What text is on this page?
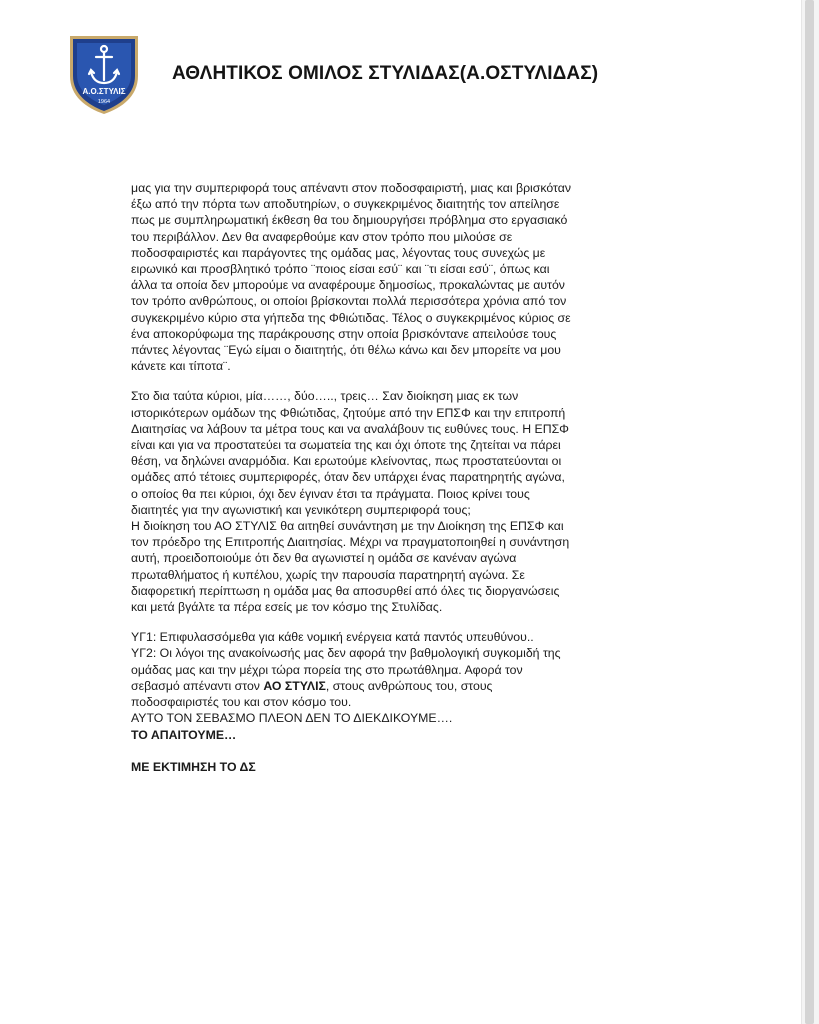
Α.Ο.ΣΤΥΛΙΣ
1964
ΑΘΛΗΤΙΚΟΣ ΟΜΙΛΟΣ ΣΤΥΛΙΔΑΣ(Α.ΟΣΤΥΛΙΔΑΣ)
μας για την συμπεριφορά τους απέναντι στον ποδοσφαιριστή, μιας και βρισκόταν
έξω από την πόρτα των αποδυτηρίων, ο συγκεκριμένος διαιτητής τον απείλησε
πως με συμπληρωματική έκθεση θα του δημιουργήσει πρόβλημα στο εργασιακό
του περιβάλλον. Δεν θα αναφερθούμε καν στον τρόπο που μιλούσε σε
ποδοσφαιριστές και παράγοντες της ομάδας μας, λέγοντας τους συνεχώς με
ειρωνικό και προσβλητικό τρόπο ¨ποιος είσαι εσύ¨ και ¨τι είσαι εσύ¨, όπως και
άλλα τα οποία δεν μπορούμε να αναφέρουμε δημοσίως, προκαλώντας με αυτόν
τον τρόπο ανθρώπους, οι οποίοι βρίσκονται πολλά περισσότερα χρόνια από τον
συγκεκριμένο κύριο στα γήπεδα της Φθιώτιδας. Τέλος ο συγκεκριμένος κύριος σε
ένα αποκορύφωμα της παράκρουσης στην οποία βρισκόντανε απειλούσε τους
πάντες λέγοντας ¨Εγώ είμαι ο διαιτητής, ότι θέλω κάνω και δεν μπορείτε να μου
κάνετε και τίποτα¨.
Στο δια ταύτα κύριοι, μία……, δύο….., τρεις… Σαν διοίκηση μιας εκ των
ιστορικότερων ομάδων της Φθιώτιδας, ζητούμε από την ΕΠΣΦ και την επιτροπή
Διαιτησίας να λάβουν τα μέτρα τους και να αναλάβουν τις ευθύνες τους. Η ΕΠΣΦ
είναι και για να προστατεύει τα σωματεία της και όχι όποτε της ζητείται να πάρει
θέση, να δηλώνει αναρμόδια. Και ερωτούμε κλείνοντας, πως προστατεύονται οι
ομάδες από τέτοιες συμπεριφορές, όταν δεν υπάρχει ένας παρατηρητής αγώνα,
ο οποίος θα πει κύριοι, όχι δεν έγιναν έτσι τα πράγματα. Ποιος κρίνει τους
διαιτητές για την αγωνιστική και γενικότερη συμπεριφορά τους;
Η διοίκηση του ΑΟ ΣΤΥΛΙΣ θα αιτηθεί συνάντηση με την Διοίκηση της ΕΠΣΦ και
τον πρόεδρο της Επιτροπής Διαιτησίας. Μέχρι να πραγματοποιηθεί η συνάντηση
αυτή, προειδοποιούμε ότι δεν θα αγωνιστεί η ομάδα σε κανέναν αγώνα
πρωταθλήματος ή κυπέλου, χωρίς την παρουσία παρατηρητή αγώνα. Σε
διαφορετική περίπτωση η ομάδα μας θα αποσυρθεί από όλες τις διοργανώσεις
και μετά βγάλτε τα πέρα εσείς με τον κόσμο της Στυλίδας.
ΥΓ1: Επιφυλασσόμεθα για κάθε νομική ενέργεια κατά παντός υπευθύνου..
ΥΓ2: Οι λόγοι της ανακοίνωσής μας δεν αφορά την βαθμολογική συγκομιδή της
ομάδας μας και την μέχρι τώρα πορεία της στο πρωτάθλημα. Αφορά τον
σεβασμό απέναντι στον ΑΟ ΣΤΥΛΙΣ, στους ανθρώπους του, στους
ποδοσφαιριστές του και στον κόσμο του.
ΑΥΤΟ ΤΟΝ ΣΕΒΑΣΜΟ ΠΛΕΟΝ ΔΕΝ ΤΟ ΔΙΕΚΔΙΚΟΥΜΕ….
ΤΟ ΑΠΑΙΤΟΥΜΕ…
ΜΕ ΕΚΤΙΜΗΣΗ ΤΟ ΔΣ
